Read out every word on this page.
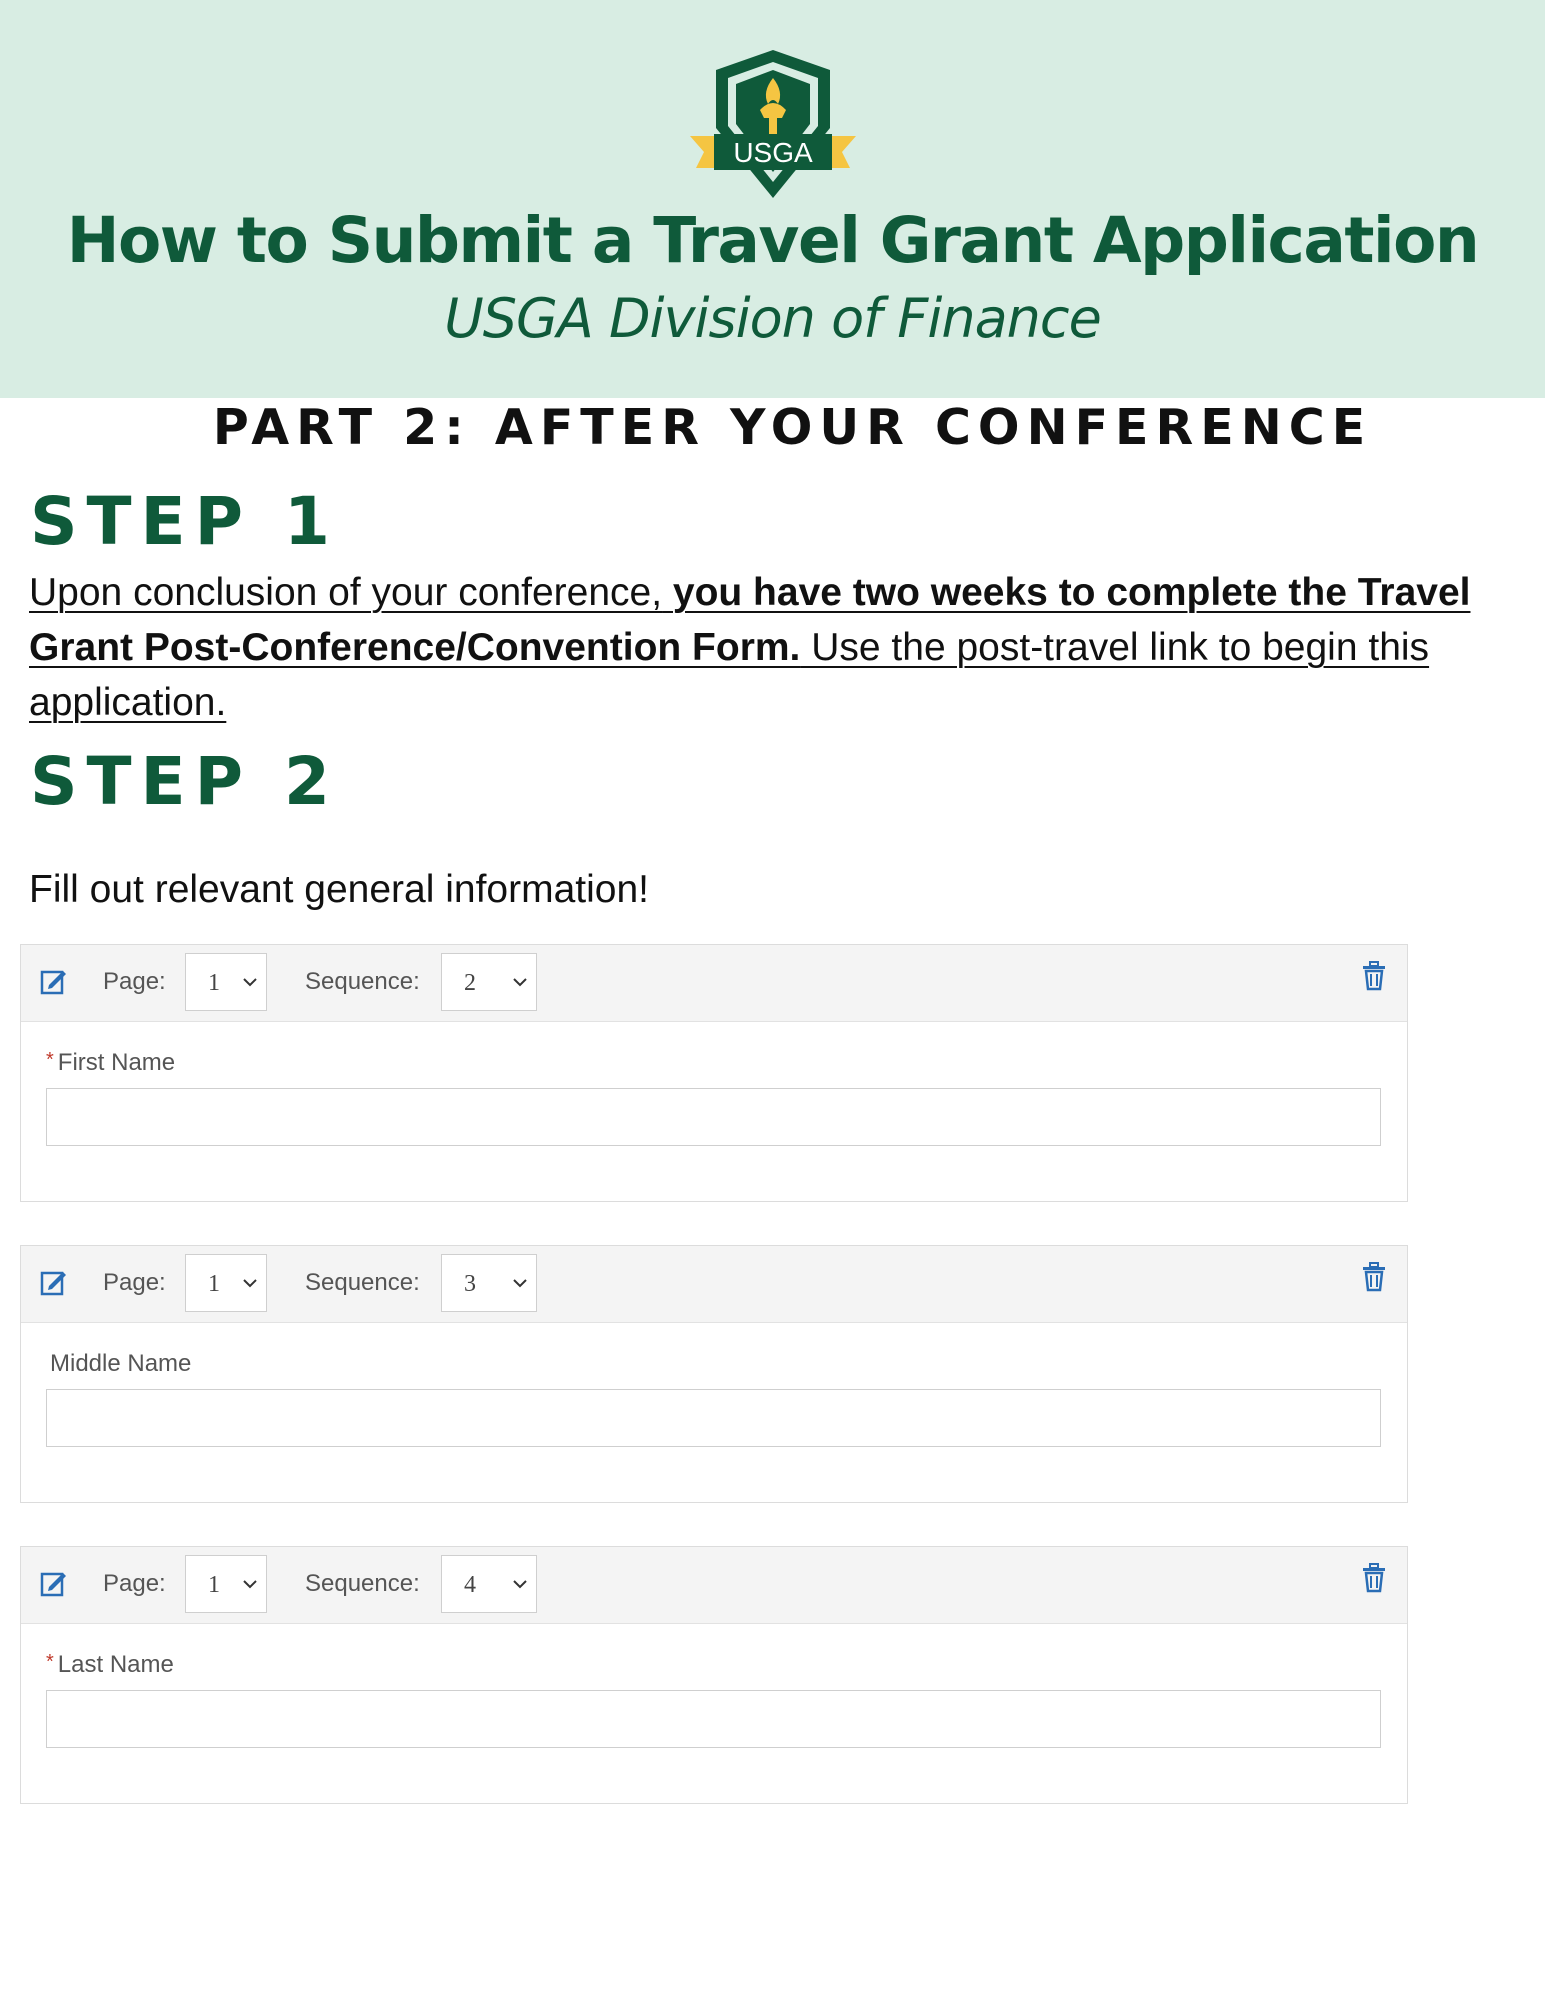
USGA
How to Submit a Travel Grant Application
USGA Division of Finance
PART 2: AFTER YOUR CONFERENCE
STEP 1
Upon conclusion of your conference, you have two weeks to complete the Travel Grant Post-Conference/Convention Form. Use the post-travel link to begin this application.
STEP 2
Fill out relevant general information!
Page: 1	Sequence: 2
* First Name
Page: 1	Sequence: 3
Middle Name
Page: 1	Sequence: 4
* Last Name
